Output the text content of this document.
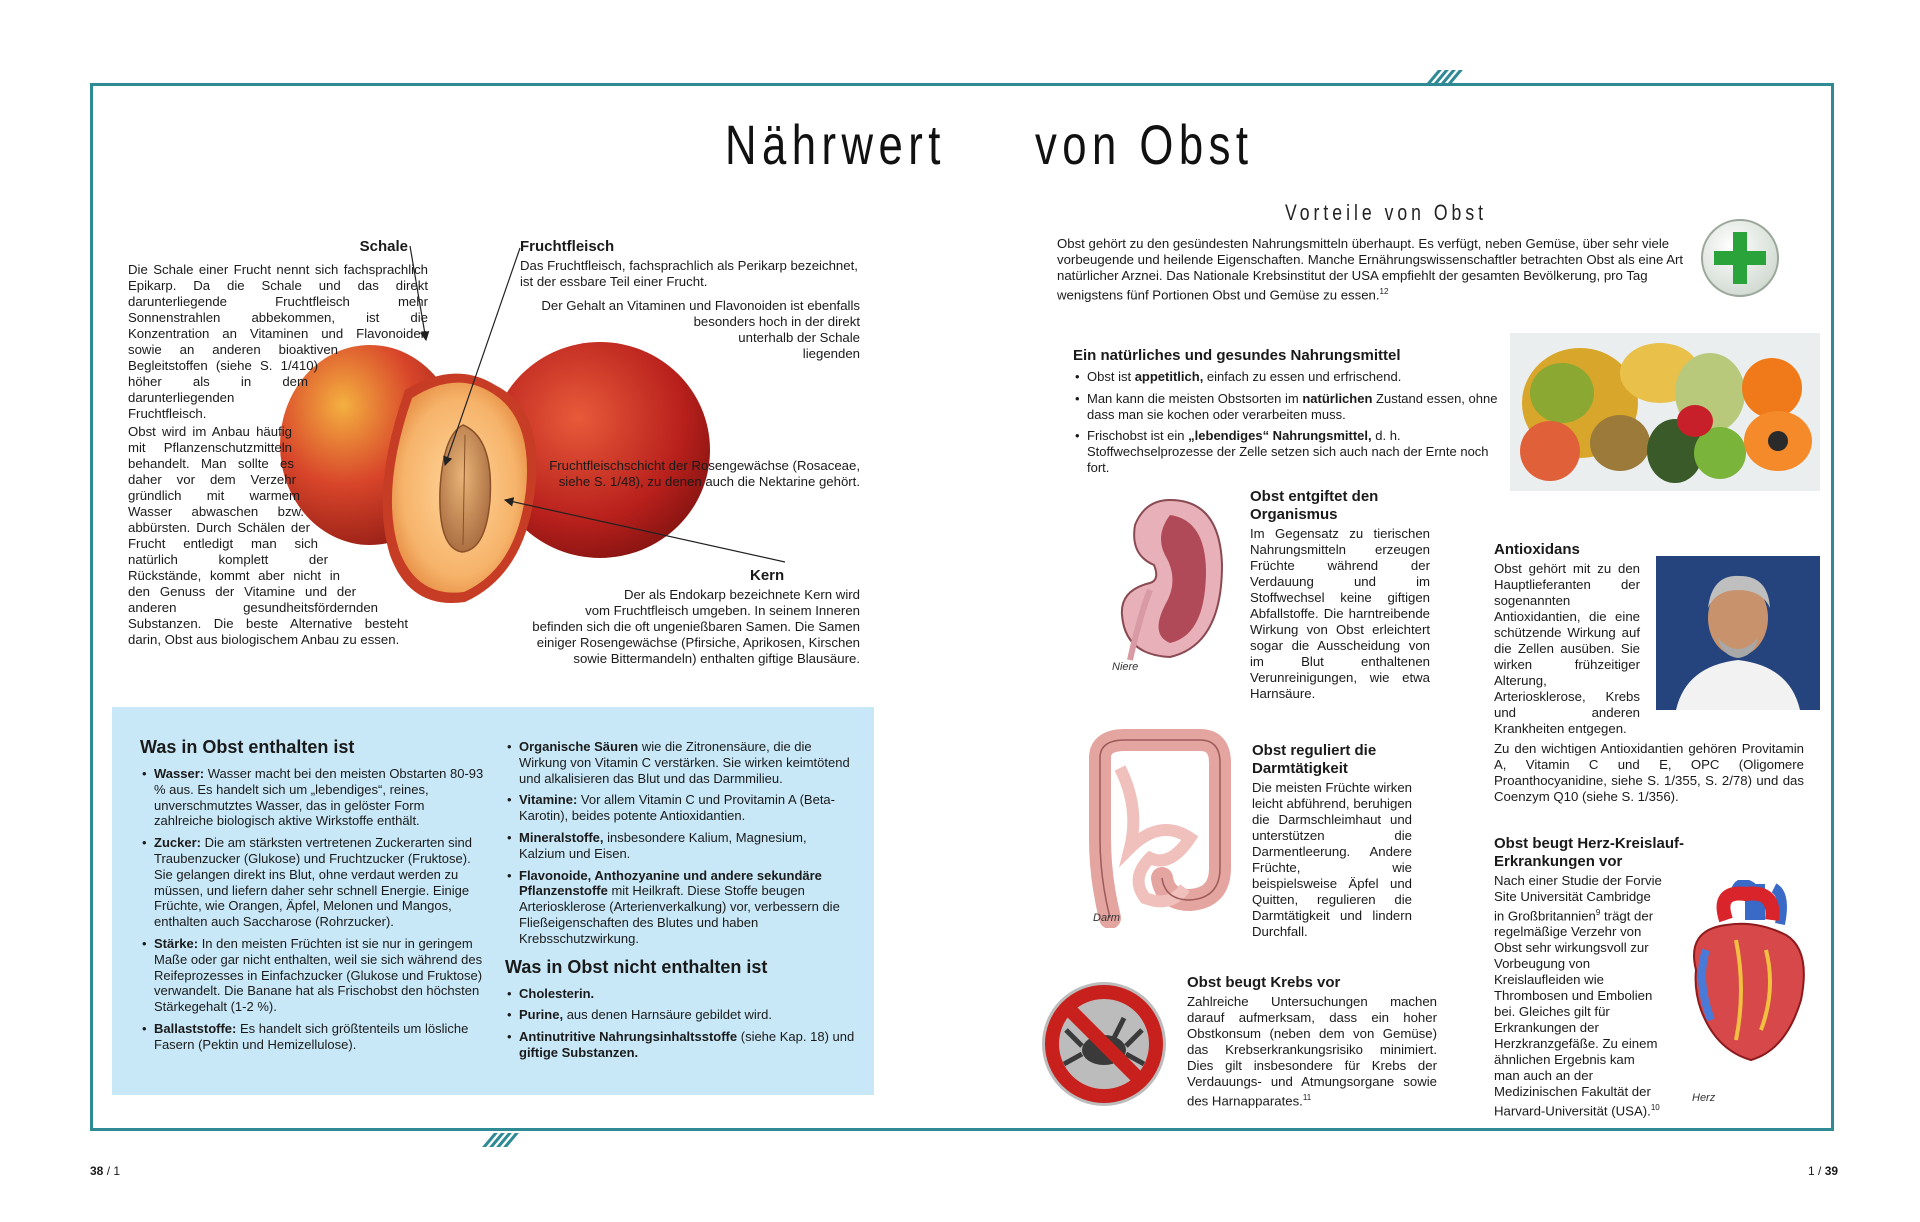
Nährwert von Obst
Schale

Die Schale einer Frucht nennt sich fachsprachlich Epikarp. Da die Schale und das direkt darunterliegende Fruchtfleisch mehr Sonnenstrahlen abbekommen, ist die Konzentration an Vitaminen und Flavonoiden sowie an anderen bioaktiven Begleitstoffen (siehe S. 1/410) höher als in dem darunterliegenden Fruchtfleisch.

Obst wird im Anbau häufig mit Pflanzenschutzmitteln behandelt. Man sollte es daher vor dem Verzehr gründlich mit warmem Wasser abwaschen bzw. abbürsten. Durch Schälen der Frucht entledigt man sich natürlich komplett der Rückstände, kommt aber nicht in den Genuss der Vitamine und der anderen gesundheitsfördernden Substanzen. Die beste Alternative besteht darin, Obst aus biologischem Anbau zu essen.

Fruchtfleisch

Das Fruchtfleisch, fachsprachlich als Perikarp bezeichnet, ist der essbare Teil einer Frucht.

Der Gehalt an Vitaminen und Flavonoiden ist ebenfalls besonders hoch in der direkt unterhalb der Schale liegenden Fruchtfleischschicht der Rosengewächse (Rosaceae, siehe S. 1/48), zu denen auch die Nektarine gehört.

Kern

Der als Endokarp bezeichnete Kern wird vom Fruchtfleisch umgeben. In seinem Inneren befinden sich die oft ungenießbaren Samen. Die Samen einiger Rosengewächse (Pfirsiche, Aprikosen, Kirschen sowie Bittermandeln) enthalten giftige Blausäure.

Was in Obst enthalten ist
• Wasser: Wasser macht bei den meisten Obstarten 80-93 % aus. Es handelt sich um „lebendiges“, reines, unverschmutztes Wasser, das in gelöster Form zahlreiche biologisch aktive Wirkstoffe enthält.
• Zucker: Die am stärksten vertretenen Zuckerarten sind Traubenzucker (Glukose) und Fruchtzucker (Fruktose). Sie gelangen direkt ins Blut, ohne verdaut werden zu müssen, und liefern daher sehr schnell Energie. Einige Früchte, wie Orangen, Äpfel, Melonen und Mangos, enthalten auch Saccharose (Rohrzucker).
• Stärke: In den meisten Früchten ist sie nur in geringem Maße oder gar nicht enthalten, weil sie sich während des Reifeprozesses in Einfachzucker (Glukose und Fruktose) verwandelt. Die Banane hat als Frischobst den höchsten Stärkegehalt (1-2 %).
• Ballaststoffe: Es handelt sich größtenteils um lösliche Fasern (Pektin und Hemizellulose).
• Organische Säuren wie die Zitronensäure, die die Wirkung von Vitamin C verstärken. Sie wirken keimtötend und alkalisieren das Blut und das Darmmilieu.
• Vitamine: Vor allem Vitamin C und Provitamin A (Beta-Karotin), beides potente Antioxidantien.
• Mineralstoffe, insbesondere Kalium, Magnesium, Kalzium und Eisen.
• Flavonoide, Anthozyanine und andere sekundäre Pflanzenstoffe mit Heilkraft. Diese Stoffe beugen Arteriosklerose (Arterienverkalkung) vor, verbessern die Fließeigenschaften des Blutes und haben Krebsschutzwirkung.
Was in Obst nicht enthalten ist
• Cholesterin.
• Purine, aus denen Harnsäure gebildet wird.
• Antinutritive Nahrungsinhaltsstoffe (siehe Kap. 18) und giftige Substanzen.
Vorteile von Obst
Obst gehört zu den gesündesten Nahrungsmitteln überhaupt. Es verfügt, neben Gemüse, über sehr viele vorbeugende und heilende Eigenschaften. Manche Ernährungswissenschaftler betrachten Obst als eine Art natürlicher Arznei. Das Nationale Krebsinstitut der USA empfiehlt der gesamten Bevölkerung, pro Tag wenigstens fünf Portionen Obst und Gemüse zu essen.$^{12}$
Ein natürliches und gesundes Nahrungsmittel
• Obst ist appetitlich, einfach zu essen und erfrischend.
• Man kann die meisten Obstsorten im natürlichen Zustand essen, ohne dass man sie kochen oder verarbeiten muss.
• Frischobst ist ein „lebendiges“ Nahrungsmittel, d. h. Stoffwechselprozesse der Zelle setzen sich auch nach der Ernte noch fort.
Niere
Obst entgiftet den Organismus

Im Gegensatz zu tierischen Nahrungsmitteln erzeugen Früchte während der Verdauung und im Stoffwechsel keine giftigen Abfallstoffe. Die harntreibende Wirkung von Obst erleichtert sogar die Ausscheidung von im Blut enthaltenen Verunreinigungen, wie etwa Harnsäure.

Antioxidans

Obst gehört mit zu den Hauptlieferanten der sogenannten Antioxidantien, die eine schützende Wirkung auf die Zellen ausüben. Sie wirken frühzeitiger Alterung, Arteriosklerose, Krebs und anderen Krankheiten entgegen.

Zu den wichtigen Antioxidantien gehören Provitamin A, Vitamin C und E, OPC (Oligomere Proanthocyanidine, siehe S. 1/355, S. 2/78) und das Coenzym Q10 (siehe S. 1/356).

Darm
Obst reguliert die Darmtätigkeit

Die meisten Früchte wirken leicht abführend, beruhigen die Darmschleimhaut und unterstützen die Darmentleerung. Andere Früchte, wie beispielsweise Äpfel und Quitten, regulieren die Darmtätigkeit und lindern Durchfall.

Obst beugt Krebs vor

Zahlreiche Untersuchungen machen darauf aufmerksam, dass ein hoher Obstkonsum (neben dem von Gemüse) das Krebserkrankungsrisiko minimiert. Dies gilt insbesondere für Krebs der Verdauungs- und Atmungsorgane sowie des Harnapparates.$^{11}$

Obst beugt Herz-Kreislauf-Erkrankungen vor

Nach einer Studie der Forvie Site Universität Cambridge in Großbritannien$^9$ trägt der regelmäßige Verzehr von Obst sehr wirkungsvoll zur Vorbeugung von Kreislaufleiden wie Thrombosen und Embolien bei. Gleiches gilt für Erkrankungen der Herzkranzgefäße. Zu einem ähnlichen Ergebnis kam man auch an der Medizinischen Fakultät der Harvard-Universität (USA).$^{10}$

Herz
38 / 1	1 / 39
